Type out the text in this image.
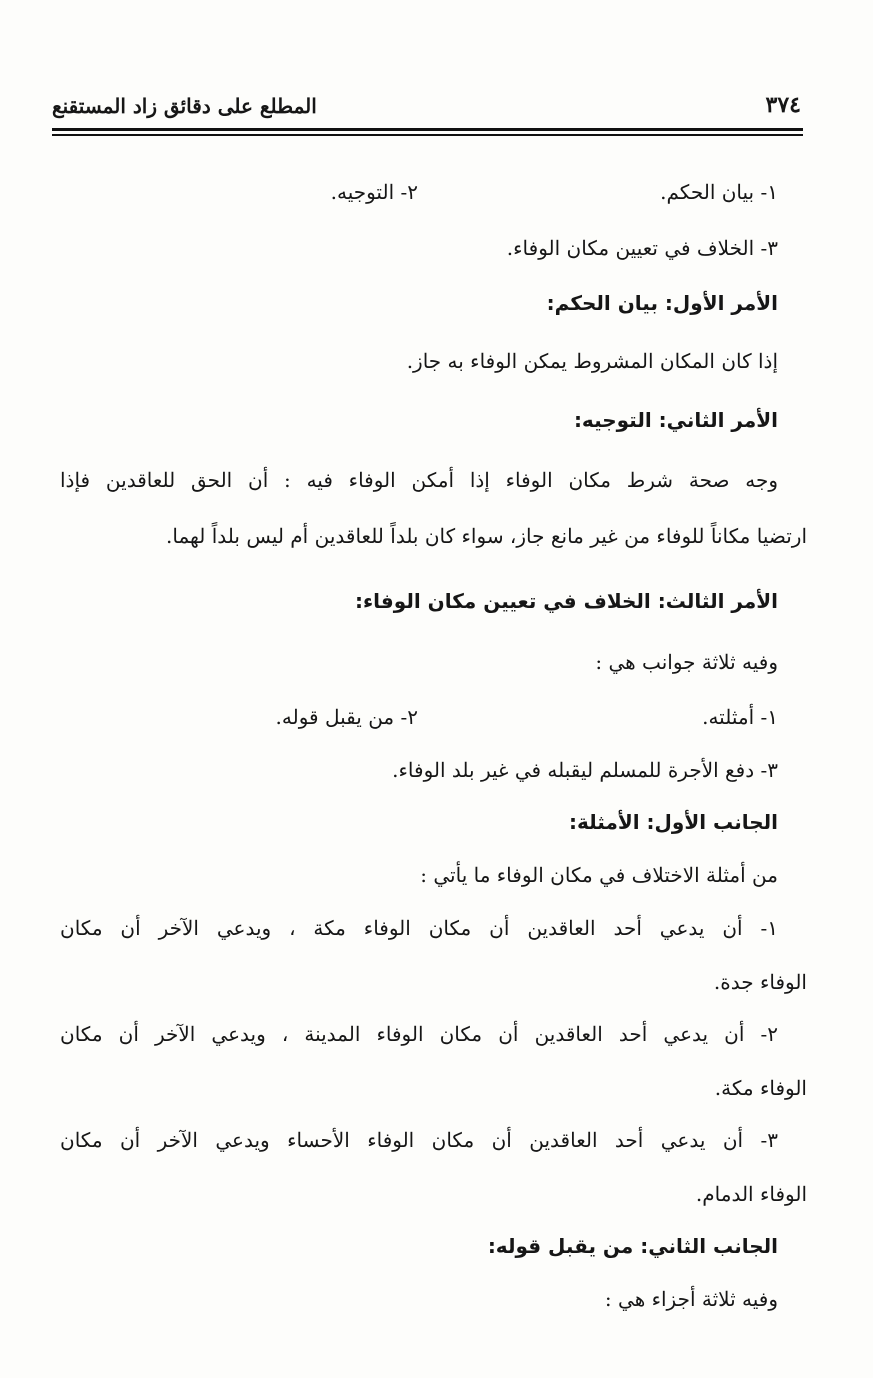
٣٧٤
المطلع على دقائق زاد المستقنع
١- بيان الحكم.
٢- التوجيه.
٣- الخلاف في تعيين مكان الوفاء.
الأمر الأول: بيان الحكم:
إذا كان المكان المشروط يمكن الوفاء به جاز.
الأمر الثاني: التوجيه:
وجه صحة شرط مكان الوفاء إذا أمكن الوفاء فيه : أن الحق للعاقدين فإذا
ارتضيا مكاناً للوفاء من غير مانع جاز، سواء كان بلداً للعاقدين أم ليس بلداً لهما.
الأمر الثالث: الخلاف في تعيين مكان الوفاء:
وفيه ثلاثة جوانب هي :
١- أمثلته.
٢- من يقبل قوله.
٣- دفع الأجرة للمسلم ليقبله في غير بلد الوفاء.
الجانب الأول: الأمثلة:
من أمثلة الاختلاف في مكان الوفاء ما يأتي :
١- أن يدعي أحد العاقدين أن مكان الوفاء مكة ، ويدعي الآخر أن مكان
الوفاء جدة.
٢- أن يدعي أحد العاقدين أن مكان الوفاء المدينة ، ويدعي الآخر أن مكان
الوفاء مكة.
٣- أن يدعي أحد العاقدين أن مكان الوفاء الأحساء ويدعي الآخر أن مكان
الوفاء الدمام.
الجانب الثاني: من يقبل قوله:
وفيه ثلاثة أجزاء هي :
